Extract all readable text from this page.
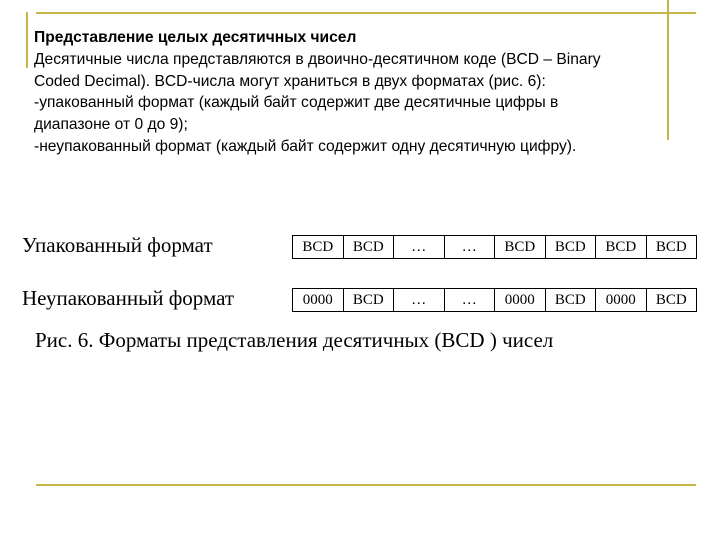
Представление целых десятичных чисел

Десятичные числа представляются в двоично-десятичном коде (BCD – Binary

Coded Decimal). BCD-числа могут храниться в двух форматах (рис. 6):

-упакованный формат (каждый байт содержит две десятичные цифры в

диапазоне от 0 до 9);

-неупакованный формат (каждый байт содержит одну десятичную цифру).

Упакованный формат	BCD	BCD	…	…	BCD	BCD	BCD	BCD
Неупакованный формат	0000	BCD	…	…	0000	BCD	0000	BCD
Рис. 6. Форматы представления десятичных (BCD ) чисел
